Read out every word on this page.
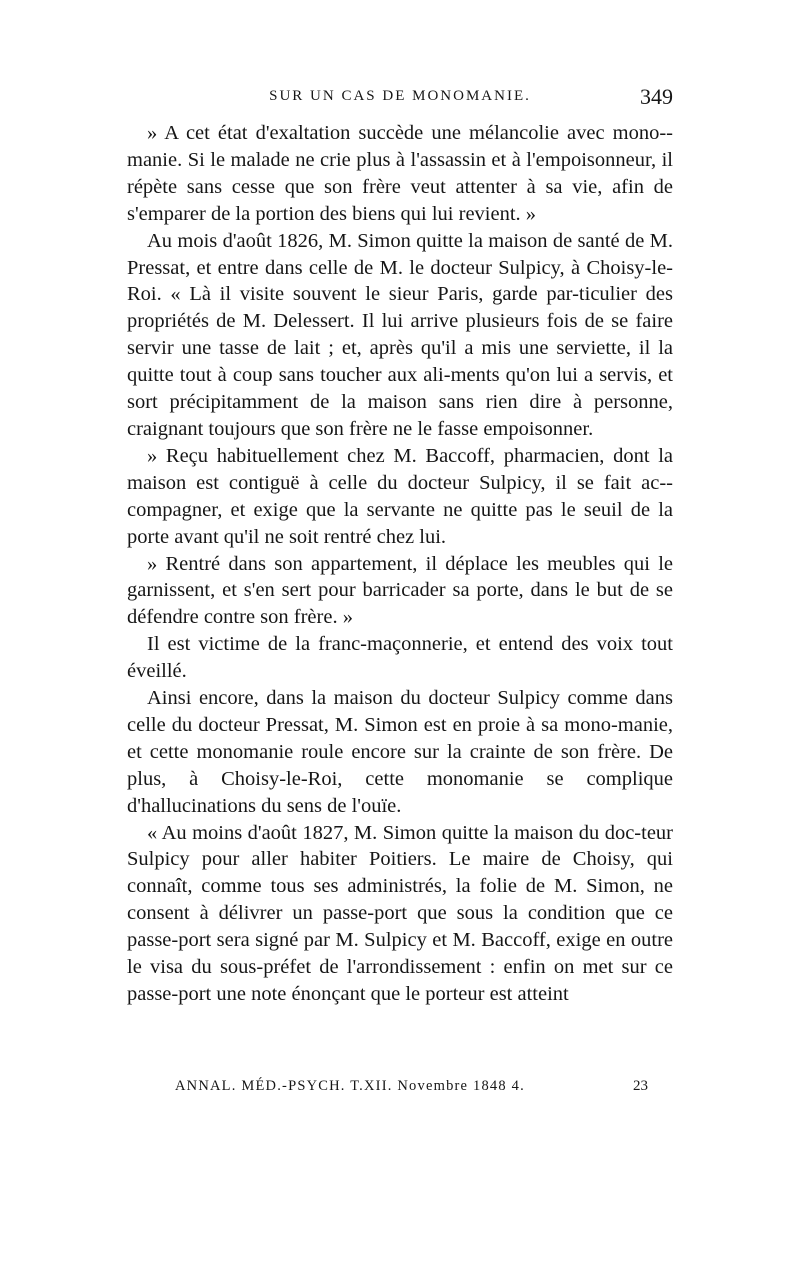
SUR UN CAS DE MONOMANIE.	349

» A cet état d'exaltation succède une mélancolie avec mono-manie. Si le malade ne crie plus à l'assassin et à l'empoisonneur, il répète sans cesse que son frère veut attenter à sa vie, afin de s'emparer de la portion des biens qui lui revient. »

Au mois d'août 1826, M. Simon quitte la maison de santé de M. Pressat, et entre dans celle de M. le docteur Sulpicy, à Choisy-le-Roi. « Là il visite souvent le sieur Paris, garde par-ticulier des propriétés de M. Delessert. Il lui arrive plusieurs fois de se faire servir une tasse de lait ; et, après qu'il a mis une serviette, il la quitte tout à coup sans toucher aux ali-ments qu'on lui a servis, et sort précipitamment de la maison sans rien dire à personne, craignant toujours que son frère ne le fasse empoisonner.

» Reçu habituellement chez M. Baccoff, pharmacien, dont la maison est contiguë à celle du docteur Sulpicy, il se fait ac-compagner, et exige que la servante ne quitte pas le seuil de la porte avant qu'il ne soit rentré chez lui.

» Rentré dans son appartement, il déplace les meubles qui le garnissent, et s'en sert pour barricader sa porte, dans le but de se défendre contre son frère. »

Il est victime de la franc-maçonnerie, et entend des voix tout éveillé.

Ainsi encore, dans la maison du docteur Sulpicy comme dans celle du docteur Pressat, M. Simon est en proie à sa mono-manie, et cette monomanie roule encore sur la crainte de son frère. De plus, à Choisy-le-Roi, cette monomanie se complique d'hallucinations du sens de l'ouïe.

« Au moins d'août 1827, M. Simon quitte la maison du doc-teur Sulpicy pour aller habiter Poitiers. Le maire de Choisy, qui connaît, comme tous ses administrés, la folie de M. Simon, ne consent à délivrer un passe-port que sous la condition que ce passe-port sera signé par M. Sulpicy et M. Baccoff, exige en outre le visa du sous-préfet de l'arrondissement : enfin on met sur ce passe-port une note énonçant que le porteur est atteint

ANNAL. MÉD.-PSYCH. T.XII. Novembre 1848 4.	23
